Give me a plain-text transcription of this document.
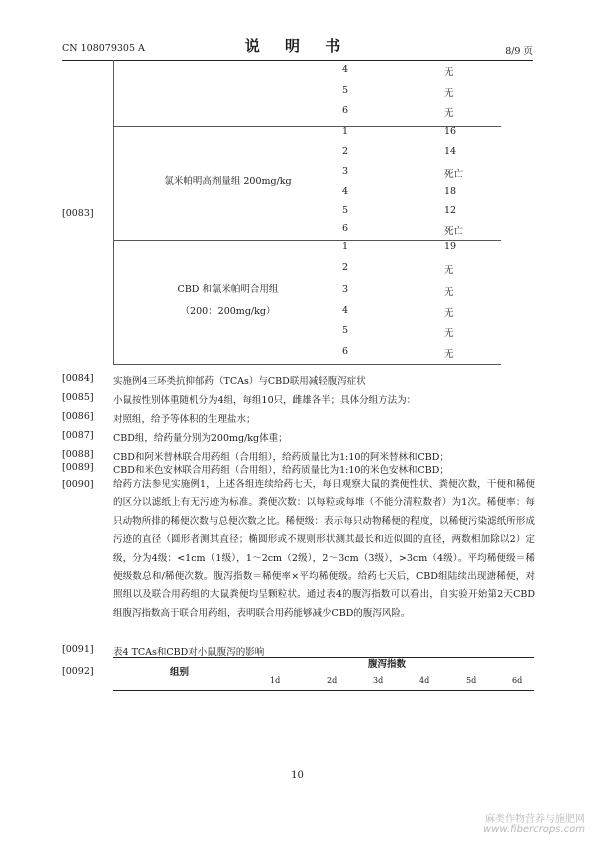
CN 108079305 A	说 明 书	8/9 页
[0083]
4	无
5	无
6	无
氯米帕明高剂量组 200mg/kg
1	16
2	14
3	死亡
4	18
5	12
6	死亡
CBD 和氯米帕明合用组
（200：200mg/kg）
1	19
2	无
3	无
4	无
5	无
6	无
[0084] 实施例4三环类抗抑郁药（TCAs）与CBD联用减轻腹泻症状
[0085] 小鼠按性别体重随机分为4组，每组10只，雌雄各半；具体分组方法为：
[0086] 对照组，给予等体积的生理盐水；
[0087] CBD组，给药量分别为200mg/kg体重；
[0088] CBD和阿米替林联合用药组（合用组），给药质量比为1:10的阿米替林和CBD；
[0089] CBD和米色安林联合用药组（合用组），给药质量比为1:10的米色安林和CBD；
[0090] 给药方法参见实施例1，上述各组连续给药七天，每日观察大鼠的粪便性状、粪便次数，干便和稀便的区分以滤纸上有无污迹为标准。粪便次数：以每粒或每堆（不能分清粒数者）为1次。稀便率：每只动物所排的稀便次数与总便次数之比。稀便级：表示每只动物稀便的程度，以稀便污染滤纸所形成污迹的直径（圆形者测其直径；椭圆形或不规则形状测其最长和近似圆的直径，两数相加除以2）定级，分为4级：<1cm（1级），1～2cm（2级），2～3cm（3级），>3cm（4级）。平均稀便级＝稀便级数总和/稀便次数。腹泻指数＝稀便率×平均稀便级。给药七天后，CBD组陆续出现溏稀便，对照组以及联合用药组的大鼠粪便均呈颗粒状。通过表4的腹泻指数可以看出，自实验开始第2天CBD组腹泻指数高于联合用药组，表明联合用药能够减少CBD的腹泻风险。
[0091] 表4 TCAs和CBD对小鼠腹泻的影响
[0092]	组别
腹泻指数
1d	2d	3d	4d	5d	6d
10
麻类作物营养与施肥网
www.fibercrops.com
